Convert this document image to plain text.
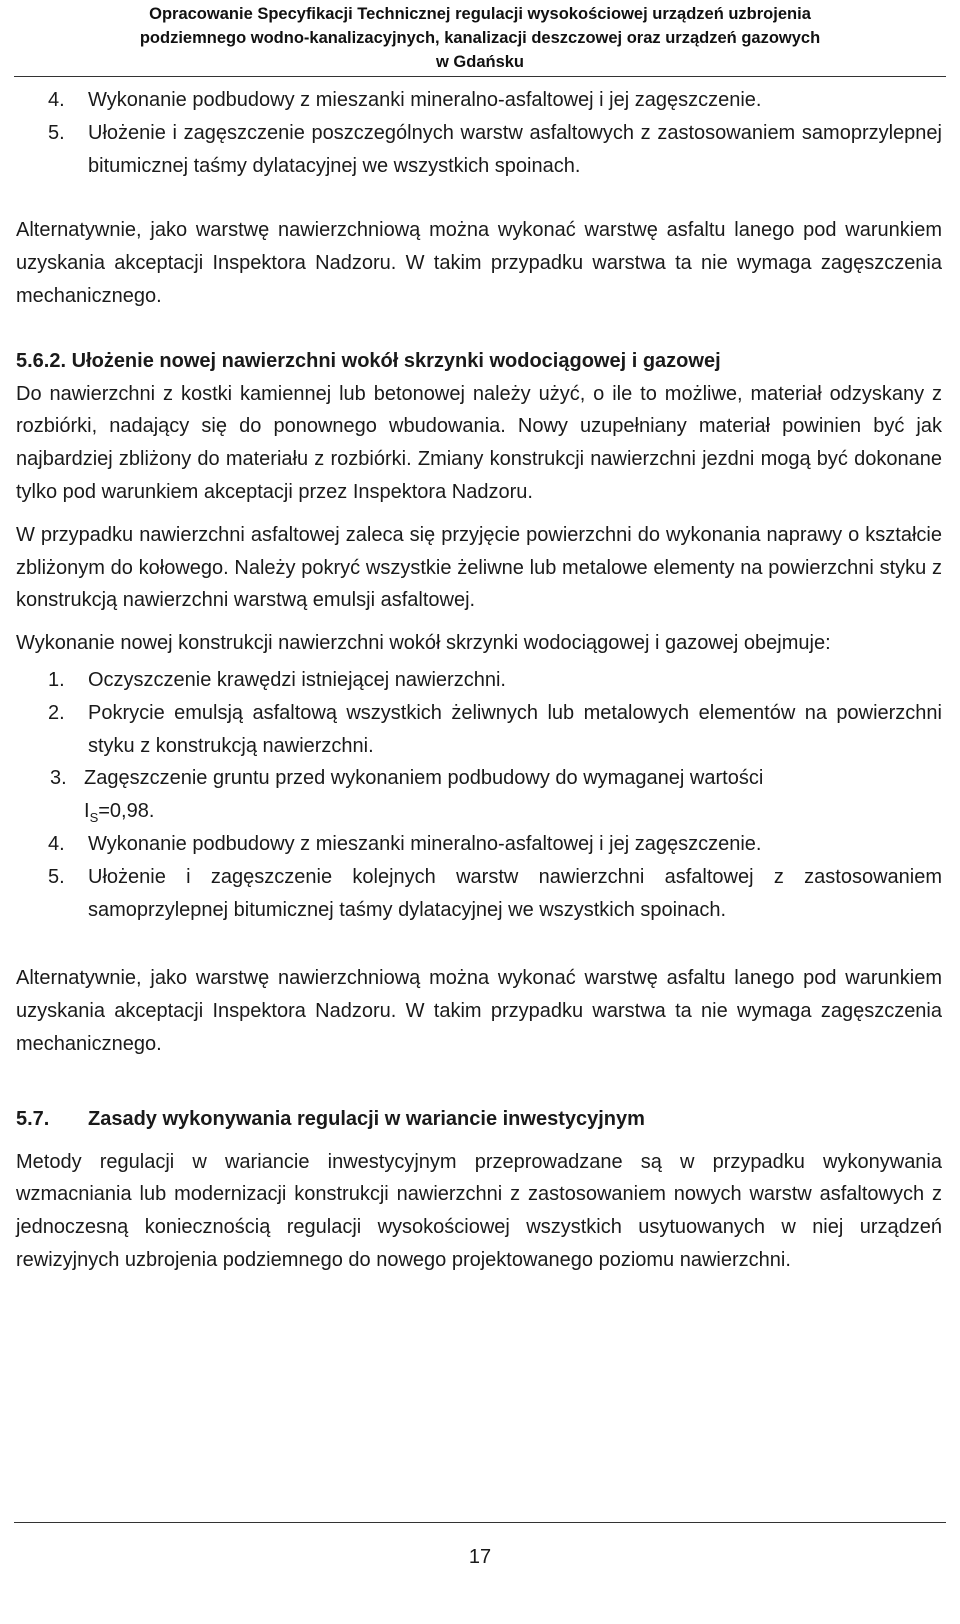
Opracowanie Specyfikacji Technicznej regulacji wysokościowej urządzeń uzbrojenia
podziemnego wodno-kanalizacyjnych, kanalizacji deszczowej oraz urządzeń gazowych
w Gdańsku
4.	Wykonanie podbudowy z mieszanki mineralno-asfaltowej i jej zagęszczenie.
5.	Ułożenie i zagęszczenie poszczególnych warstw asfaltowych z zastosowaniem samoprzylepnej bitumicznej taśmy dylatacyjnej we wszystkich spoinach.

Alternatywnie, jako warstwę nawierzchniową można wykonać warstwę asfaltu lanego pod warunkiem uzyskania akceptacji Inspektora Nadzoru. W takim przypadku warstwa ta nie wymaga zagęszczenia mechanicznego.

5.6.2. Ułożenie nowej nawierzchni wokół skrzynki wodociągowej i gazowej

Do nawierzchni z kostki kamiennej lub betonowej należy użyć, o ile to możliwe, materiał odzyskany z rozbiórki, nadający się do ponownego wbudowania. Nowy uzupełniany materiał powinien być jak najbardziej zbliżony do materiału z rozbiórki. Zmiany konstrukcji nawierzchni jezdni mogą być dokonane tylko pod warunkiem akceptacji przez Inspektora Nadzoru.

W przypadku nawierzchni asfaltowej zaleca się przyjęcie powierzchni do wykonania naprawy o kształcie zbliżonym do kołowego. Należy pokryć wszystkie żeliwne lub metalowe elementy na powierzchni styku z konstrukcją nawierzchni warstwą emulsji asfaltowej.

Wykonanie nowej konstrukcji nawierzchni wokół skrzynki wodociągowej i gazowej obejmuje:

1.	Oczyszczenie krawędzi istniejącej nawierzchni.
2.	Pokrycie emulsją asfaltową wszystkich żeliwnych lub metalowych elementów na powierzchni styku z konstrukcją nawierzchni.
3. Zagęszczenie gruntu przed wykonaniem podbudowy do wymaganej wartości
$I_S=0,98$.
4.	Wykonanie podbudowy z mieszanki mineralno-asfaltowej i jej zagęszczenie.
5.	Ułożenie i zagęszczenie kolejnych warstw nawierzchni asfaltowej z zastosowaniem samoprzylepnej bitumicznej taśmy dylatacyjnej we wszystkich spoinach.

Alternatywnie, jako warstwę nawierzchniową można wykonać warstwę asfaltu lanego pod warunkiem uzyskania akceptacji Inspektora Nadzoru. W takim przypadku warstwa ta nie wymaga zagęszczenia mechanicznego.

5.7. Zasady wykonywania regulacji w wariancie inwestycyjnym

Metody regulacji w wariancie inwestycyjnym przeprowadzane są w przypadku wykonywania wzmacniania lub modernizacji konstrukcji nawierzchni z zastosowaniem nowych warstw asfaltowych z jednoczesną koniecznością regulacji wysokościowej wszystkich usytuowanych w niej urządzeń rewizyjnych uzbrojenia podziemnego do nowego projektowanego poziomu nawierzchni.

17
